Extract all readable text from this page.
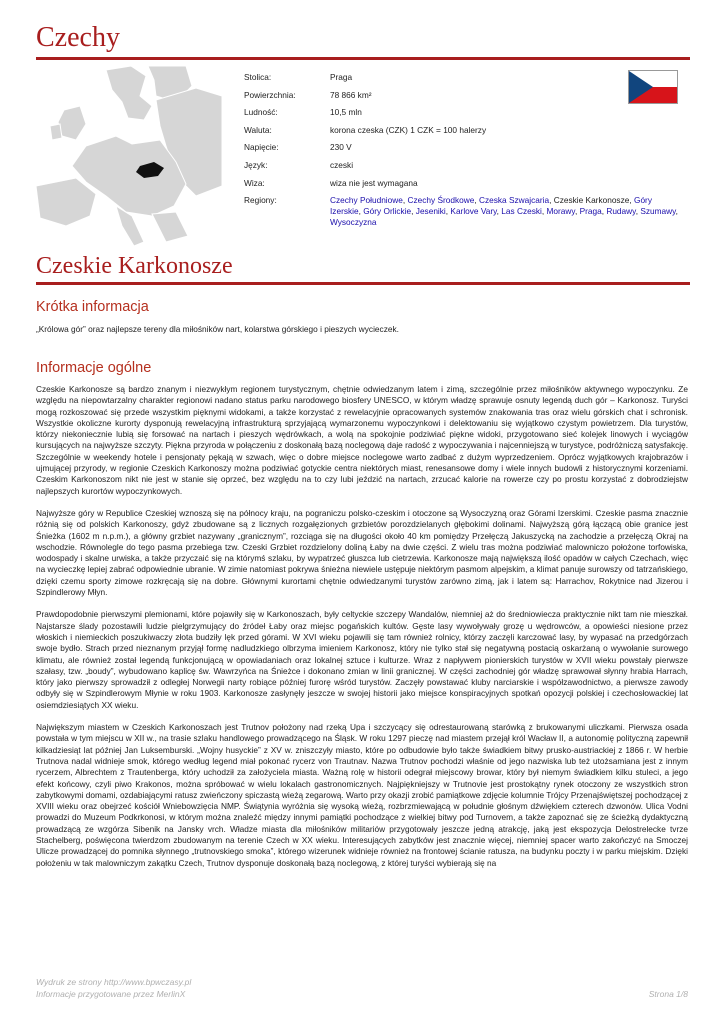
Czechy
Stolica:	Praga
Powierzchnia:	78 866 km²
Ludność:	10,5 mln
Waluta:	korona czeska (CZK) 1 CZK = 100 halerzy
Napięcie:	230 V
Język:	czeski
Wiza:	wiza nie jest wymagana
Regiony:	Czechy Południowe, Czechy Środkowe, Czeska Szwajcaria, Czeskie Karkonosze, Góry Izerskie, Góry Orlickie, Jeseniki, Karlove Vary, Las Czeski, Morawy, Praga, Rudawy, Szumawy, Wysoczyzna
Czeskie Karkonosze
Krótka informacja

„Królowa gór” oraz najlepsze tereny dla miłośników nart, kolarstwa górskiego i pieszych wycieczek.

Informacje ogólne

Czeskie Karkonosze są bardzo znanym i niezwykłym regionem turystycznym, chętnie odwiedzanym latem i zimą, szczególnie przez miłośników aktywnego wypoczynku. Ze względu na niepowtarzalny charakter regionowi nadano status parku narodowego biosfery UNESCO, w którym władzę sprawuje osnuty legendą duch gór – Karkonosz. Turyści mogą rozkoszować się przede wszystkim pięknymi widokami, a także korzystać z rewelacyjnie opracowanych systemów znakowania tras oraz wielu górskich chat i schronisk. Wszystkie okoliczne kurorty dysponują rewelacyjną infrastrukturą sprzyjającą wymarzonemu wypoczynkowi i delektowaniu się wyjątkowo czystym powietrzem. Dla turystów, którzy niekoniecznie lubią się forsować na nartach i pieszych wędrówkach, a wolą na spokojnie podziwiać piękne widoki, przygotowano sieć kolejek linowych i wyciągów kursujących na najwyższe szczyty. Piękna przyroda w połączeniu z doskonałą bazą noclegową daje radość z wypoczywania i najcenniejszą w turystyce, podróżniczą satysfakcję. Szczególnie w weekendy hotele i pensjonaty pękają w szwach, więc o dobre miejsce noclegowe warto zadbać z dużym wyprzedzeniem. Oprócz wyjątkowych krajobrazów i ujmującej przyrody, w regionie Czeskich Karkonoszy można podziwiać gotyckie centra niektórych miast, renesansowe domy i wiele innych budowli z historycznymi korzeniami. Czeskim Karkonoszom nikt nie jest w stanie się oprzeć, bez względu na to czy lubi jeździć na nartach, zrzucać kalorie na rowerze czy po prostu korzystać z dobrodziejstw najlepszych kurortów wypoczynkowych.

Najwyższe góry w Republice Czeskiej wznoszą się na północy kraju, na pograniczu polsko-czeskim i otoczone są Wysoczyzną oraz Górami Izerskimi. Czeskie pasma znacznie różnią się od polskich Karkonoszy, gdyż zbudowane są z licznych rozgałęzionych grzbietów porozdzielanych głębokimi dolinami. Najwyższą górą łączącą obie granice jest Śnieżka (1602 m n.p.m.), a główny grzbiet nazywany „granicznym”, rozciąga się na długości około 40 km pomiędzy Przełęczą Jakuszycką na zachodzie a przełęczą Okraj na wschodzie. Równolegle do tego pasma przebiega tzw. Czeski Grzbiet rozdzielony doliną Łaby na dwie części. Z wielu tras można podziwiać malowniczo położone torfowiska, wodospady i skalne urwiska, a także przyczaić się na którymś szlaku, by wypatrzeć głuszca lub cietrzewia. Karkonosze mają największą ilość opadów w całych Czechach, więc na wycieczkę lepiej zabrać odpowiednie ubranie. W zimie natomiast pokrywa śnieżna niewiele ustępuje niektórym pasmom alpejskim, a klimat panuje surowszy od tatrzańskiego, dzięki czemu sporty zimowe rozkręcają się na dobre. Głównymi kurortami chętnie odwiedzanymi turystów zarówno zimą, jak i latem są: Harrachov, Rokytnice nad Jizerou i Szpindlerowy Młyn.

Prawdopodobnie pierwszymi plemionami, które pojawiły się w Karkonoszach, były celtyckie szczepy Wandalów, niemniej aż do średniowiecza praktycznie nikt tam nie mieszkał. Najstarsze ślady pozostawili ludzie pielgrzymujący do źródeł Łaby oraz miejsc pogańskich kultów. Gęste lasy wywoływały grozę u wędrowców, a opowieści niesione przez włoskich i niemieckich poszukiwaczy złota budziły lęk przed górami. W XVI wieku pojawili się tam również rolnicy, którzy zaczęli karczować lasy, by wypasać na przedgórzach swoje bydło. Strach przed nieznanym przyjął formę nadludzkiego olbrzyma imieniem Karkonosz, który nie tylko stał się negatywną postacią oskarżaną o wywołanie surowego klimatu, ale również został legendą funkcjonującą w opowiadaniach oraz lokalnej sztuce i kulturze. Wraz z napływem pionierskich turystów w XVII wieku powstały pierwsze szałasy, tzw. „boudy”, wybudowano kaplicę św. Wawrzyńca na Śnieżce i dokonano zmian w linii granicznej. W części zachodniej gór władzę sprawował słynny hrabia Harrach, który jako pierwszy sprowadził z odległej Norwegii narty robiące później furorę wśród turystów. Zaczęły powstawać kluby narciarskie i współzawodnictwo, a pierwsze zawody odbyły się w Szpindlerowym Młynie w roku 1903. Karkonosze zasłynęły jeszcze w swojej historii jako miejsce konspiracyjnych spotkań opozycji polskiej i czechosłowackiej lat osiemdziesiątych XX wieku.

Największym miastem w Czeskich Karkonoszach jest Trutnov położony nad rzeką Upa i szczycący się odrestaurowaną starówką z brukowanymi uliczkami. Pierwsza osada powstała w tym miejscu w XII w., na trasie szlaku handlowego prowadzącego na Śląsk. W roku 1297 pieczę nad miastem przejął król Wacław II, a autonomię polityczną zapewnił kilkadziesiąt lat później Jan Luksemburski. „Wojny husyckie” z XV w. zniszczyły miasto, które po odbudowie było także świadkiem bitwy prusko-austriackiej z 1866 r. W herbie Trutnova nadal widnieje smok, którego według legend miał pokonać rycerz von Trautnav. Nazwa Trutnov pochodzi właśnie od jego nazwiska lub też utożsamiana jest z innym rycerzem, Albrechtem z Trautenberga, który uchodził za założyciela miasta. Ważną rolę w historii odegrał miejscowy browar, który był niemym świadkiem kilku stuleci, a jego efekt końcowy, czyli piwo Krakonos, można spróbować w wielu lokalach gastronomicznych. Najpiękniejszy w Trutnovie jest prostokątny rynek otoczony ze wszystkich stron zabytkowymi domami, ozdabiającymi ratusz zwieńczony spiczastą wieżą zegarową. Warto przy okazji zrobić pamiątkowe zdjęcie kolumnie Trójcy Przenajświętszej pochodzącej z XVIII wieku oraz obejrzeć kościół Wniebowzięcia NMP. Świątynia wyróżnia się wysoką wieżą, rozbrzmiewającą w południe głośnym dźwiękiem czterech dzwonów. Ulica Vodni prowadzi do Muzeum Podkrkonosi, w którym można znaleźć między innymi pamiątki pochodzące z wielkiej bitwy pod Turnovem, a także zapoznać się ze ścieżką dydaktyczną prowadzącą ze wzgórza Sibenik na Jansky vrch. Władze miasta dla miłośników militariów przygotowały jeszcze jedną atrakcję, jaką jest ekspozycja Delostrelecke tvrze Stachelberg, poświęcona twierdzom zbudowanym na terenie Czech w XX wieku. Interesujących zabytków jest znacznie więcej, niemniej spacer warto zakończyć na Smoczej Ulicze prowadzącej do pomnika słynnego „trutnovskiego smoka”, którego wizerunek widnieje również na frontowej ścianie ratusza, na budynku poczty i w parku miejskim. Dzięki położeniu w tak malowniczym zakątku Czech, Trutnov dysponuje doskonałą bazą noclegową, z której turyści wybierają się na

Wydruk ze strony http://www.bpwczasy.pl
Informacje przygotowane przez MerlinX	Strona 1/8
